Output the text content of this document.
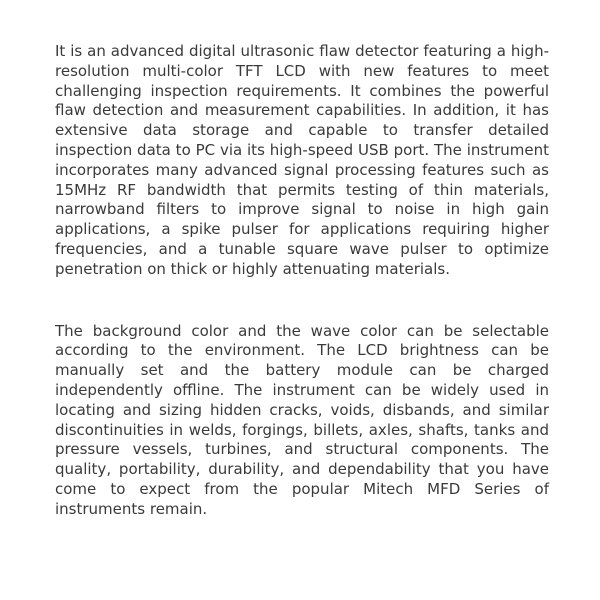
It is an advanced digital ultrasonic flaw detector featuring a high-resolution multi-color TFT LCD with new features to meet challenging inspection requirements. It combines the powerful flaw detection and measurement capabilities. In addition, it has extensive data storage and capable to transfer detailed inspection data to PC via its high-speed USB port. The instrument incorporates many advanced signal processing features such as 15MHz RF bandwidth that permits testing of thin materials, narrowband filters to improve signal to noise in high gain applications, a spike pulser for applications requiring higher frequencies, and a tunable square wave pulser to optimize penetration on thick or highly attenuating materials.

The background color and the wave color can be selectable according to the environment. The LCD brightness can be manually set and the battery module can be charged independently offline. The instrument can be widely used in locating and sizing hidden cracks, voids, disbands, and similar discontinuities in welds, forgings, billets, axles, shafts, tanks and pressure vessels, turbines, and structural components. The quality, portability, durability, and dependability that you have come to expect from the popular Mitech MFD Series of instruments remain.
